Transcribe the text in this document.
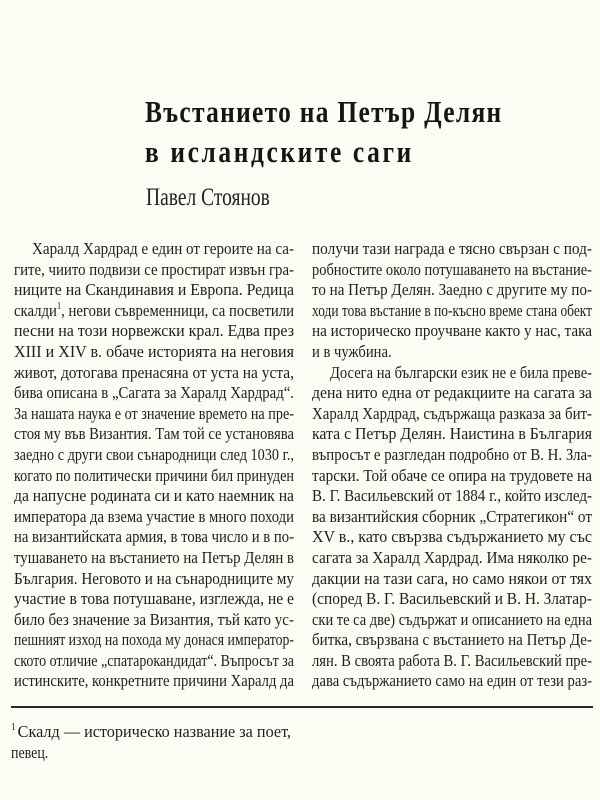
Въстанието на Петър Делян
в исландските саги
Павел Стоянов
Харалд Хардрад е един от героите на са-
гите, чиито подвизи се простират извън гра-
ниците на Скандинавия и Европа. Редица
скалди$^1$, негови съвременници, са посветили
песни на този норвежски крал. Едва през
XIII и XIV в. обаче историята на неговия
живот, дотогава пренасяна от уста на уста,
бива описана в „Сагата за Харалд Хардрад“.
За нашата наука е от значение времето на пре-
стоя му във Византия. Там той се установява
заедно с други свои сънародници след 1030 г.,
когато по политически причини бил принуден
да напусне родината си и като наемник на
императора да взема участие в много походи
на византийската армия, в това число и в по-
тушаването на въстанието на Петър Делян в
България. Неговото и на сънародниците му
участие в това потушаване, изглежда, не е
било без значение за Византия, тъй като ус-
пешният изход на похода му донася император-
ското отличие „спатарокандидат“. Въпросът за
истинските, конкретните причини Харалд да
получи тази награда е тясно свързан с под-
робностите около потушаването на въстание-
то на Петър Делян. Заедно с другите му по-
ходи това въстание в по-късно време стана обект
на историческо проучване както у нас, така
и в чужбина.
Досега на български език не е била преве-
дена нито една от редакциите на сагата за
Харалд Хардрад, съдържаща разказа за бит-
ката с Петър Делян. Наистина в България
въпросът е разгледан подробно от В. Н. Зла-
тарски. Той обаче се опира на трудовете на
В. Г. Васильевский от 1884 г., който изслед-
ва византийския сборник „Стратегикон“ от
XV в., като свързва съдържанието му със
сагата за Харалд Хардрад. Има няколко ре-
дакции на тази сага, но само някои от тях
(според В. Г. Васильевский и В. Н. Златар-
ски те са две) съдържат и описанието на една
битка, свързвана с въстанието на Петър Де-
лян. В своята работа В. Г. Васильевский пре-
дава съдържанието само на един от тези раз-
$^1$ Скалд — историческо название за поет,
певец.
